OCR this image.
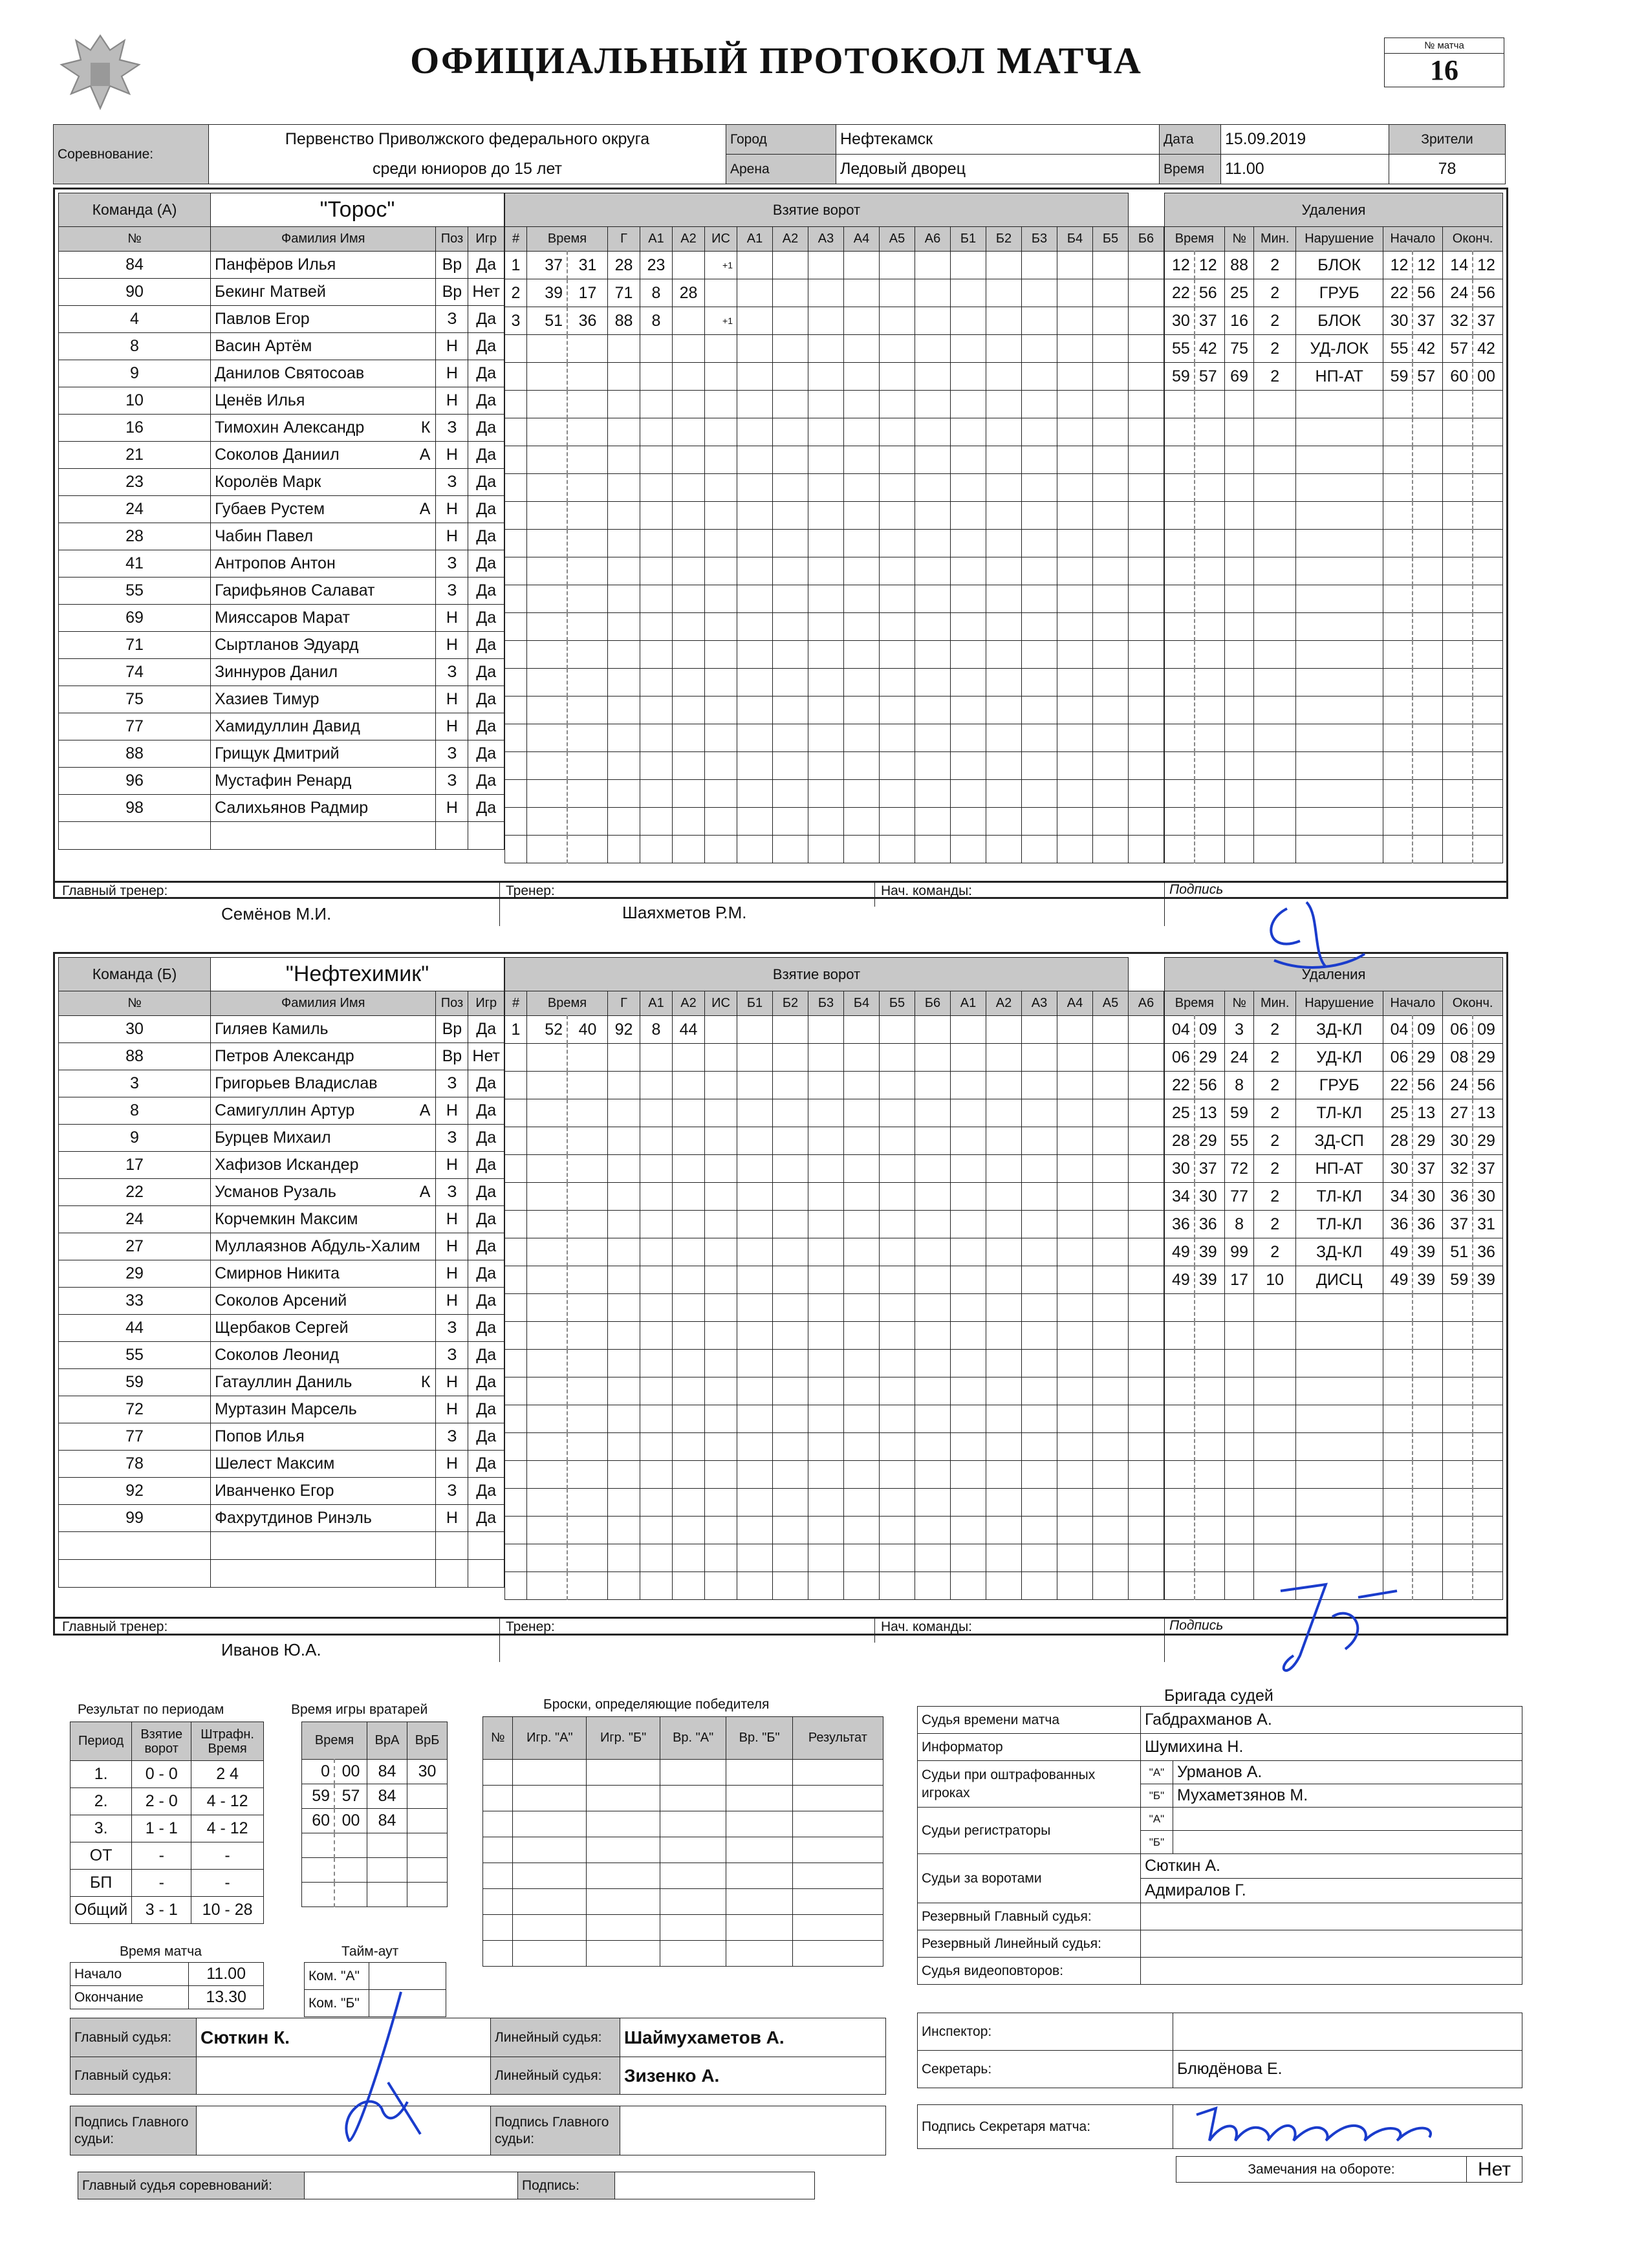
ОФИЦИАЛЬНЫЙ ПРОТОКОЛ МАТЧА	№ матча
16
Соревнование:	Первенство Приволжского федерального округа	Город	Нефтекамск	Дата	15.09.2019	Зрители
	среди юниоров до 15 лет	Арена	Ледовый дворец	Время	11.00	78
Команда (А)	"Торос"		
№	Фамилия Имя	Поз	Игр
84	Панфёров Илья	Вр	Да
90	Бекинг Матвей	Вр	Нет
4	Павлов Егор	З	Да
8	Васин Артём	Н	Да
9	Данилов Святосоав	Н	Да
10	Ценёв Илья	Н	Да
16	Тимохин Александр К	З	Да
21	Соколов Даниил А	Н	Да
23	Королёв Марк	З	Да
24	Губаев Рустем А	Н	Да
28	Чабин Павел	Н	Да
41	Антропов Антон	З	Да
55	Гарифьянов Салават	З	Да
69	Мияссаров Марат	Н	Да
71	Сыртланов Эдуард	Н	Да
74	Зиннуров Данил	З	Да
75	Хазиев Тимур	Н	Да
77	Хамидуллин Давид	Н	Да
88	Грищук Дмитрий	З	Да
96	Мустафин Ренард	З	Да
98	Салихьянов Радмир	Н	Да

Взятие ворот																		
#	Время		Г	А1	А2	ИС	А1	А2	А3	А4	А5	А6	Б1	Б2	Б3	Б4	Б5	Б6
1	37	31	28	23		+1												
2	39	17	71	8	28													
3	51	36	88	8		+1												

Удаления								
Время		№	Мин.	Нарушение	Начало		Оконч.	
12	12	88	2	БЛОК	12	12	14	12
22	56	25	2	ГРУБ	22	56	24	56
30	37	16	2	БЛОК	30	37	32	37
55	42	75	2	УД-ЛОК	55	42	57	42
59	57	69	2	НП-АТ	59	57	60	00

Главный тренер:
Семёнов М.И.
Тренер:
Шаяхметов Р.М.
Нач. команды:	Подпись
Команда (Б)	"Нефтехимик"		
№	Фамилия Имя	Поз	Игр
30	Гиляев Камиль	Вр	Да
88	Петров Александр	Вр	Нет
3	Григорьев Владислав	З	Да
8	Самигуллин Артур А	Н	Да
9	Бурцев Михаил	З	Да
17	Хафизов Искандер	Н	Да
22	Усманов Рузаль А	З	Да
24	Корчемкин Максим	Н	Да
27	Муллаязнов Абдуль-Халим	Н	Да
29	Смирнов Никита	Н	Да
33	Соколов Арсений	Н	Да
44	Щербаков Сергей	З	Да
55	Соколов Леонид	З	Да
59	Гатауллин Даниль К	Н	Да
72	Муртазин Марсель	Н	Да
77	Попов Илья	З	Да
78	Шелест Максим	Н	Да
92	Иванченко Егор	З	Да
99	Фахрутдинов Ринэль	Н	Да

Взятие ворот																		
#	Время		Г	А1	А2	ИС	Б1	Б2	Б3	Б4	Б5	Б6	А1	А2	А3	А4	А5	А6
1	52	40	92	8	44													

Удаления								
Время		№	Мин.	Нарушение	Начало		Оконч.	
04	09	3	2	ЗД-КЛ	04	09	06	09
06	29	24	2	УД-КЛ	06	29	08	29
22	56	8	2	ГРУБ	22	56	24	56
25	13	59	2	ТЛ-КЛ	25	13	27	13
28	29	55	2	ЗД-СП	28	29	30	29
30	37	72	2	НП-АТ	30	37	32	37
34	30	77	2	ТЛ-КЛ	34	30	36	30
36	36	8	2	ТЛ-КЛ	36	36	37	31
49	39	99	2	ЗД-КЛ	49	39	51	36
49	39	17	10	ДИСЦ	49	39	59	39

Главный тренер:
Иванов Ю.А.
Тренер:	Нач. команды:	Подпись
Результат по периодам
Период	Взятие ворот	Штрафн. Время
1.	0 - 0	2 4
2.	2 - 0	4 - 12
3.	1 - 1	4 - 12
ОТ	-	-
БП	-	-
Общий	3 - 1	10 - 28
Время игры вратарей
Время		ВрА	ВрБ
0	00	84	30
59	57	84	
60	00	84	

Броски, определяющие победителя
№	Игр. "А"	Игр. "Б"	Вр. "А"	Вр. "Б"	Результат

Время матча
Начало	11.00
Окончание	13.30
Тайм-аут
Ком. "А"	
Ком. "Б"	
Бригада судей
Судья времени матча	Габдрахманов А.	
Информатор	Шумихина Н.	
Судьи при оштрафованных игроках	"А"	Урманов А.
	"Б"	Мухаметзянов М.
Судьи регистраторы	"А"	
	"Б"	
Судьи за воротами	Сюткин А.	
	Адмиралов Г.	
Резервный Главный судья:		
Резервный Линейный судья:		
Судья видеоповторов:		
Инспектор:	
Секретарь:	Блюдёнова Е.
Подпись Секретаря матча:	
Замечания на обороте:	Нет
Главный судья:	Сюткин К.	Линейный судья:	Шаймухаметов А.
Главный судья:		Линейный судья:	Зизенко А.
Подпись Главного судьи:		Подпись Главного судьи:	
Главный судья соревнований:		Подпись:	
